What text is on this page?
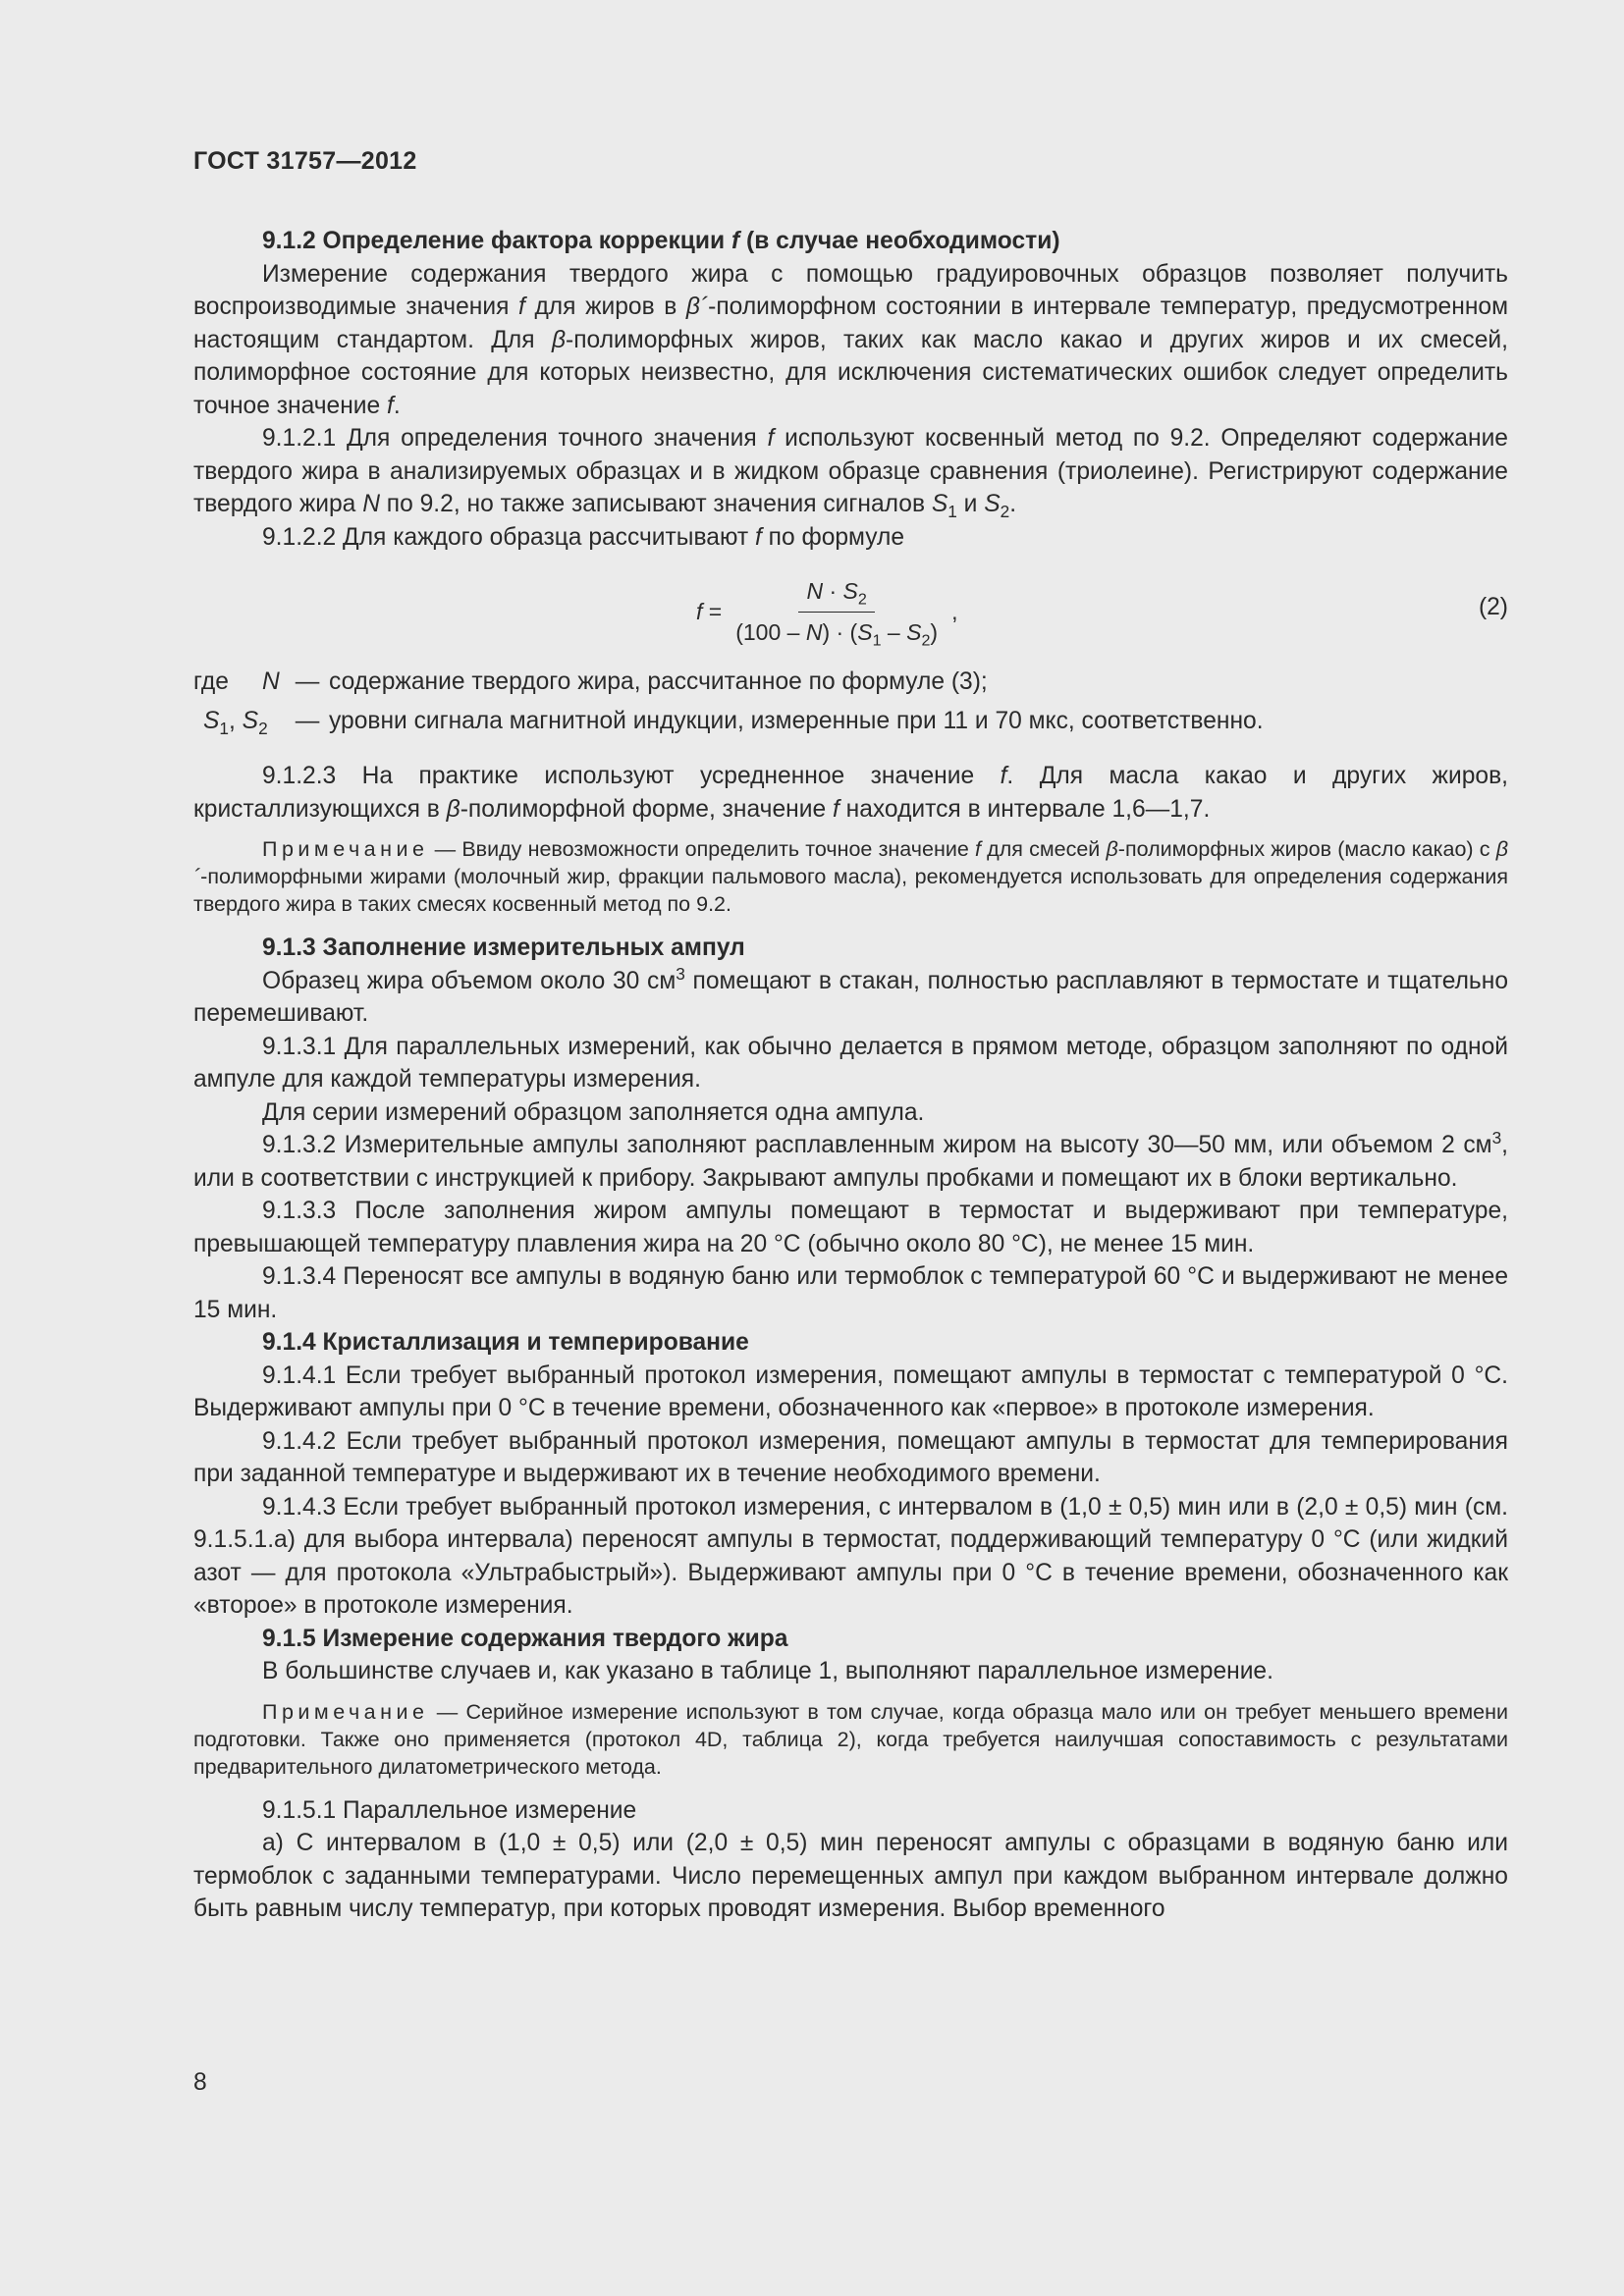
ГОСТ 31757—2012

9.1.2 Определение фактора коррекции f (в случае необходимости)

Измерение содержания твердого жира с помощью градуировочных образцов позволяет получить воспроизводимые значения f для жиров в β´-полиморфном состоянии в интервале температур, предусмотренном настоящим стандартом. Для β-полиморфных жиров, таких как масло какао и других жиров и их смесей, полиморфное состояние для которых неизвестно, для исключения систематических ошибок следует определить точное значение f.

9.1.2.1 Для определения точного значения f используют косвенный метод по 9.2. Определяют содержание твердого жира в анализируемых образцах и в жидком образце сравнения (триолеине). Регистрируют содержание твердого жира N по 9.2, но также записывают значения сигналов $S_1$ и $S_2$.

9.1.2.2 Для каждого образца рассчитывают f по формуле

f
= $\frac{N \cdot S_2}{(100 - N) \cdot (S_1 - S_2)}$ ,	(2)
где	N — содержание твердого жира, рассчитанное по формуле (3);
$S_1$, $S_2$	— уровни сигнала магнитной индукции, измеренные при 11 и 70 мкс, соответственно.

9.1.2.3 На практике используют усредненное значение f. Для масла какао и других жиров, кристаллизующихся в β-полиморфной форме, значение f находится в интервале 1,6—1,7.

Примечание — Ввиду невозможности определить точное значение f для смесей β-полиморфных жиров (масло какао) с β´-полиморфными жирами (молочный жир, фракции пальмового масла), рекомендуется использовать для определения содержания твердого жира в таких смесях косвенный метод по 9.2.

9.1.3 Заполнение измерительных ампул

Образец жира объемом около 30 $см^3$ помещают в стакан, полностью расплавляют в термостате и тщательно перемешивают.

9.1.3.1 Для параллельных измерений, как обычно делается в прямом методе, образцом заполняют по одной ампуле для каждой температуры измерения.

Для серии измерений образцом заполняется одна ампула.

9.1.3.2 Измерительные ампулы заполняют расплавленным жиром на высоту 30—50 мм, или объемом 2 $см^3$, или в соответствии с инструкцией к прибору. Закрывают ампулы пробками и помещают их в блоки вертикально.

9.1.3.3 После заполнения жиром ампулы помещают в термостат и выдерживают при температуре, превышающей температуру плавления жира на 20 °С (обычно около 80 °С), не менее 15 мин.

9.1.3.4 Переносят все ампулы в водяную баню или термоблок с температурой 60 °С и выдерживают не менее 15 мин.

9.1.4 Кристаллизация и темперирование

9.1.4.1 Если требует выбранный протокол измерения, помещают ампулы в термостат с температурой 0 °С. Выдерживают ампулы при 0 °С в течение времени, обозначенного как «первое» в протоколе измерения.

9.1.4.2 Если требует выбранный протокол измерения, помещают ампулы в термостат для темперирования при заданной температуре и выдерживают их в течение необходимого времени.

9.1.4.3 Если требует выбранный протокол измерения, с интервалом в (1,0 ± 0,5) мин или в (2,0 ± 0,5) мин (см. 9.1.5.1.а) для выбора интервала) переносят ампулы в термостат, поддерживающий температуру 0 °С (или жидкий азот — для протокола «Ультрабыстрый»). Выдерживают ампулы при 0 °С в течение времени, обозначенного как «второе» в протоколе измерения.

9.1.5 Измерение содержания твердого жира

В большинстве случаев и, как указано в таблице 1, выполняют параллельное измерение.

Примечание — Серийное измерение используют в том случае, когда образца мало или он требует меньшего времени подготовки. Также оно применяется (протокол 4D, таблица 2), когда требуется наилучшая сопоставимость с результатами предварительного дилатометрического метода.

9.1.5.1 Параллельное измерение

а) С интервалом в (1,0 ± 0,5) или (2,0 ± 0,5) мин переносят ампулы с образцами в водяную баню или термоблок с заданными температурами. Число перемещенных ампул при каждом выбранном интервале должно быть равным числу температур, при которых проводят измерения. Выбор временного

8
